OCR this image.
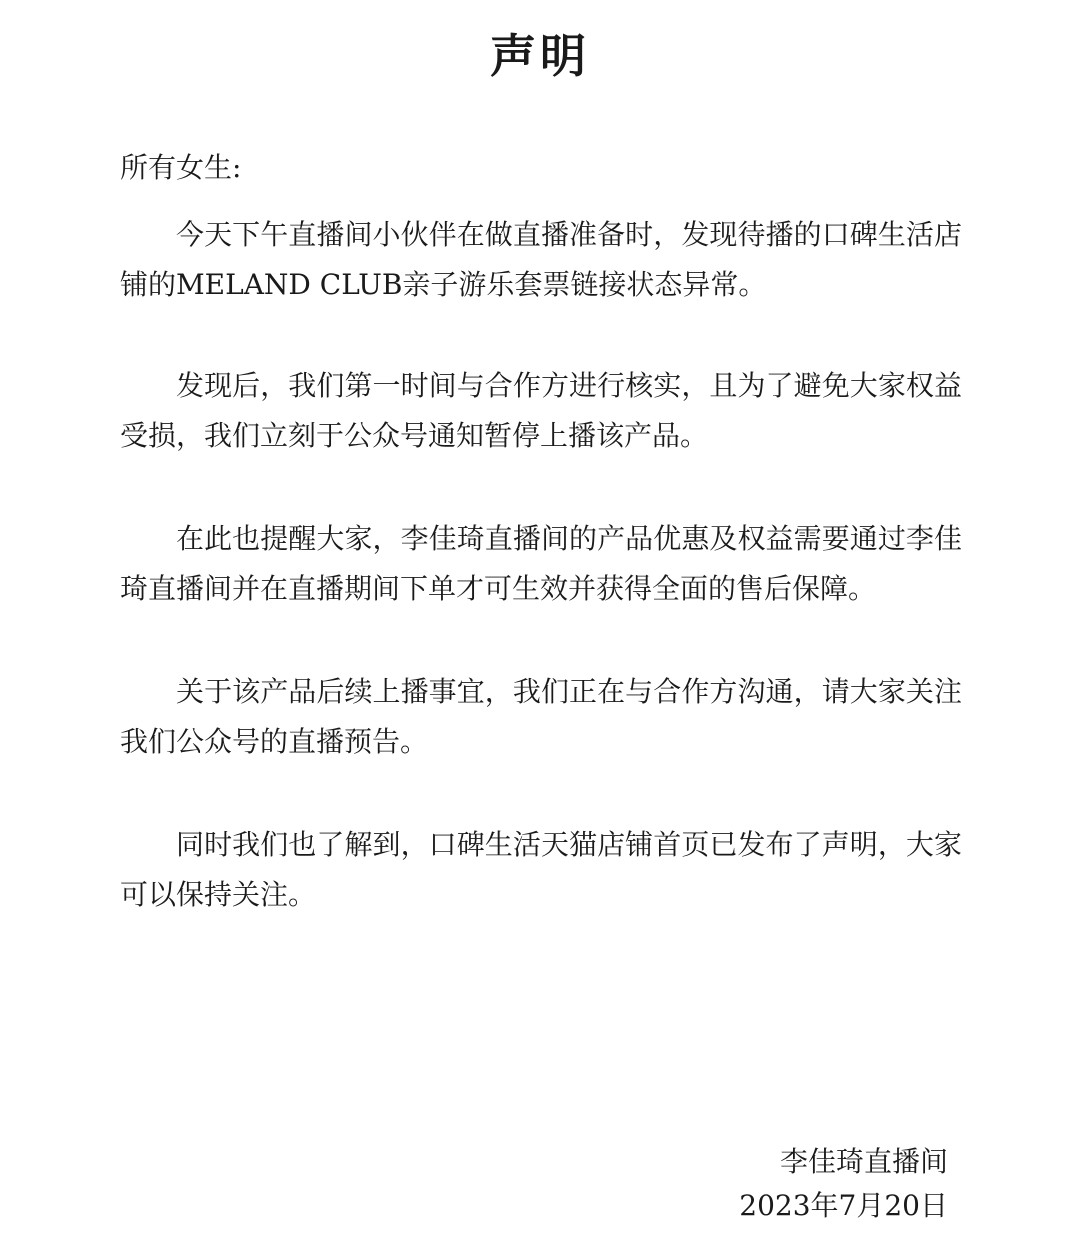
声明

所有女生:

今天下午直播间小伙伴在做直播准备时，发现待播的口碑生活店铺的MELAND CLUB亲子游乐套票链接状态异常。

发现后，我们第一时间与合作方进行核实，且为了避免大家权益受损，我们立刻于公众号通知暂停上播该产品。

在此也提醒大家，李佳琦直播间的产品优惠及权益需要通过李佳琦直播间并在直播期间下单才可生效并获得全面的售后保障。

关于该产品后续上播事宜，我们正在与合作方沟通，请大家关注我们公众号的直播预告。

同时我们也了解到，口碑生活天猫店铺首页已发布了声明，大家可以保持关注。

李佳琦直播间
2023年7月20日
